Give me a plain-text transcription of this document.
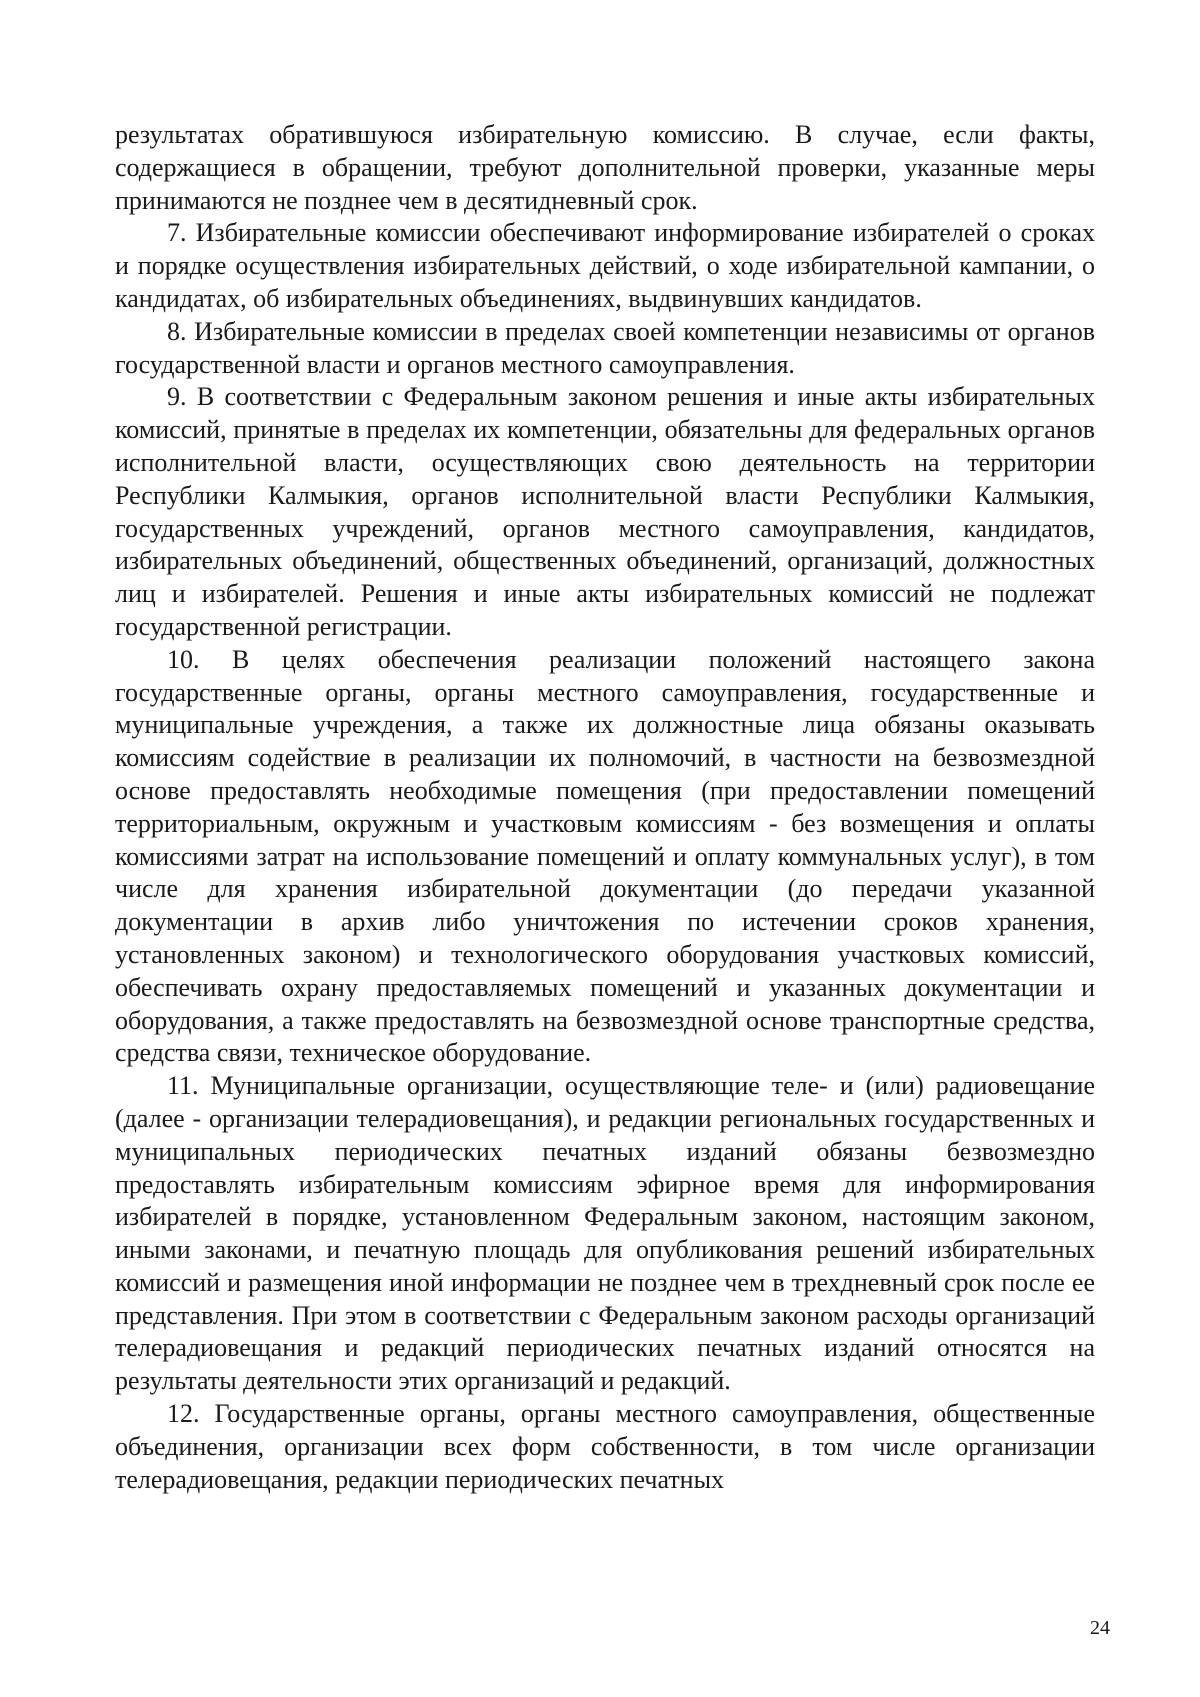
результатах обратившуюся избирательную комиссию. В случае, если факты, содержащиеся в обращении, требуют дополнительной проверки, указанные меры принимаются не позднее чем в десятидневный срок.

7. Избирательные комиссии обеспечивают информирование избирателей о сроках и порядке осуществления избирательных действий, о ходе избирательной кампании, о кандидатах, об избирательных объединениях, выдвинувших кандидатов.

8. Избирательные комиссии в пределах своей компетенции независимы от органов государственной власти и органов местного самоуправления.

9. В соответствии с Федеральным законом решения и иные акты избирательных комиссий, принятые в пределах их компетенции, обязательны для федеральных органов исполнительной власти, осуществляющих свою деятельность на территории Республики Калмыкия, органов исполнительной власти Республики Калмыкия, государственных учреждений, органов местного самоуправления, кандидатов, избирательных объединений, общественных объединений, организаций, должностных лиц и избирателей. Решения и иные акты избирательных комиссий не подлежат государственной регистрации.

10. В целях обеспечения реализации положений настоящего закона государственные органы, органы местного самоуправления, государственные и муниципальные учреждения, а также их должностные лица обязаны оказывать комиссиям содействие в реализации их полномочий, в частности на безвозмездной основе предоставлять необходимые помещения (при предоставлении помещений территориальным, окружным и участковым комиссиям - без возмещения и оплаты комиссиями затрат на использование помещений и оплату коммунальных услуг), в том числе для хранения избирательной документации (до передачи указанной документации в архив либо уничтожения по истечении сроков хранения, установленных законом) и технологического оборудования участковых комиссий, обеспечивать охрану предоставляемых помещений и указанных документации и оборудования, а также предоставлять на безвозмездной основе транспортные средства, средства связи, техническое оборудование.

11. Муниципальные организации, осуществляющие теле- и (или) радиовещание (далее - организации телерадиовещания), и редакции региональных государственных и муниципальных периодических печатных изданий обязаны безвозмездно предоставлять избирательным комиссиям эфирное время для информирования избирателей в порядке, установленном Федеральным законом, настоящим законом, иными законами, и печатную площадь для опубликования решений избирательных комиссий и размещения иной информации не позднее чем в трехдневный срок после ее представления. При этом в соответствии с Федеральным законом расходы организаций телерадиовещания и редакций периодических печатных изданий относятся на результаты деятельности этих организаций и редакций.

12. Государственные органы, органы местного самоуправления, общественные объединения, организации всех форм собственности, в том числе организации телерадиовещания, редакции периодических печатных

24
